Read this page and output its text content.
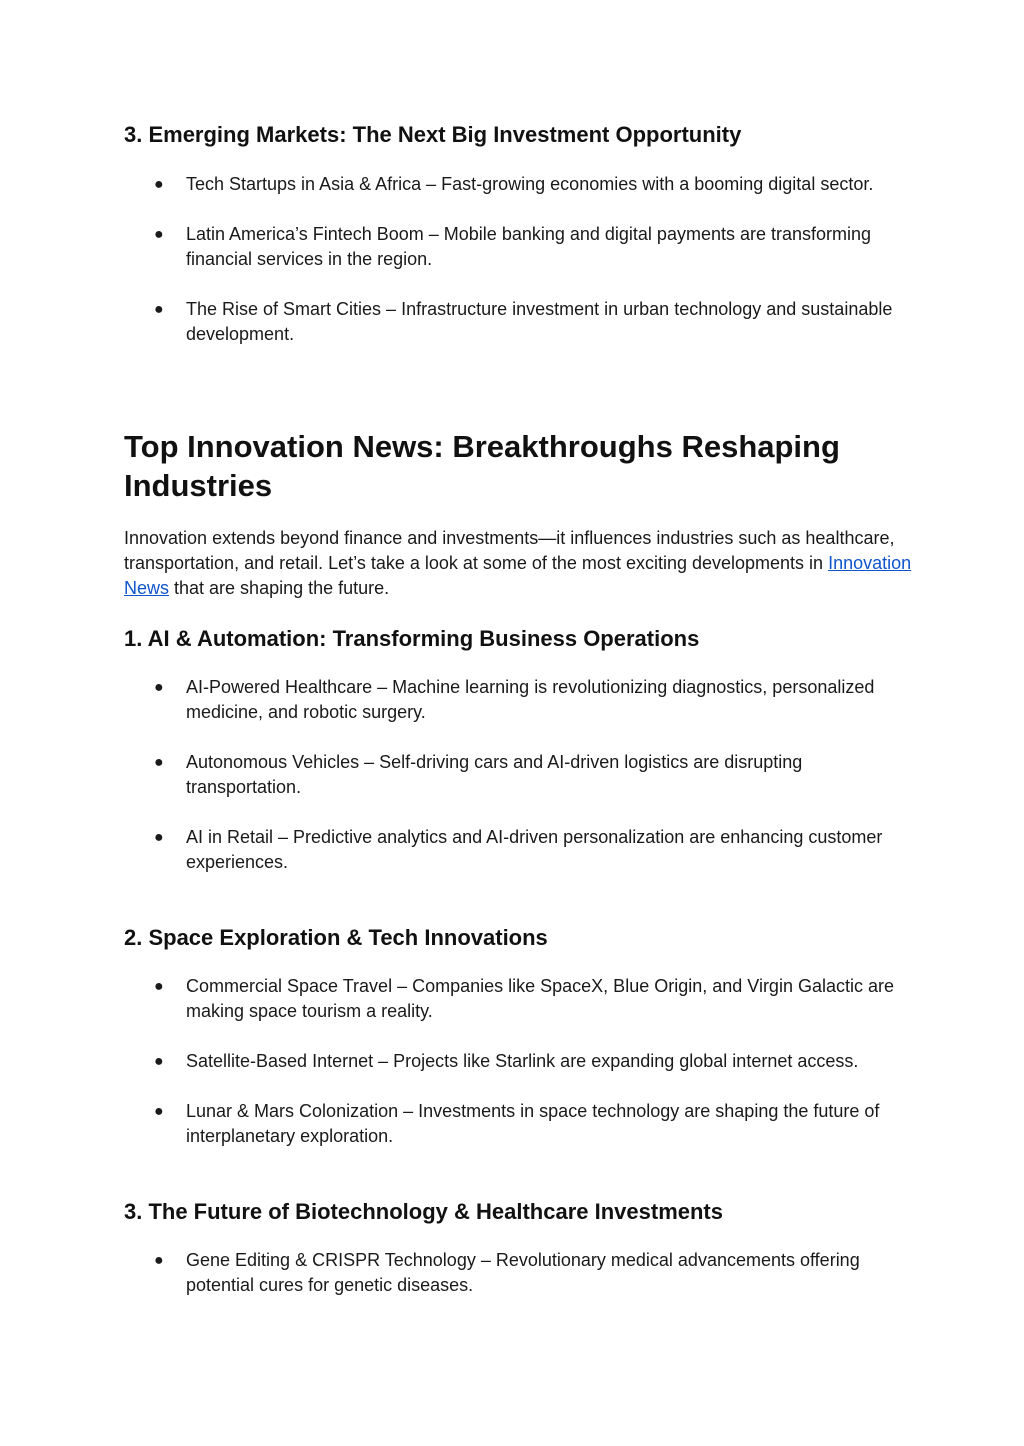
3. Emerging Markets: The Next Big Investment Opportunity
● Tech Startups in Asia & Africa – Fast-growing economies with a booming digital sector.
● Latin America’s Fintech Boom – Mobile banking and digital payments are transforming financial services in the region.
● The Rise of Smart Cities – Infrastructure investment in urban technology and sustainable development.
Top Innovation News: Breakthroughs Reshaping Industries

Innovation extends beyond finance and investments—it influences industries such as healthcare, transportation, and retail. Let’s take a look at some of the most exciting developments in Innovation News that are shaping the future.

1. AI & Automation: Transforming Business Operations
● AI-Powered Healthcare – Machine learning is revolutionizing diagnostics, personalized medicine, and robotic surgery.
● Autonomous Vehicles – Self-driving cars and AI-driven logistics are disrupting transportation.
● AI in Retail – Predictive analytics and AI-driven personalization are enhancing customer experiences.
2. Space Exploration & Tech Innovations
● Commercial Space Travel – Companies like SpaceX, Blue Origin, and Virgin Galactic are making space tourism a reality.
● Satellite-Based Internet – Projects like Starlink are expanding global internet access.
● Lunar & Mars Colonization – Investments in space technology are shaping the future of interplanetary exploration.
3. The Future of Biotechnology & Healthcare Investments
● Gene Editing & CRISPR Technology – Revolutionary medical advancements offering potential cures for genetic diseases.
